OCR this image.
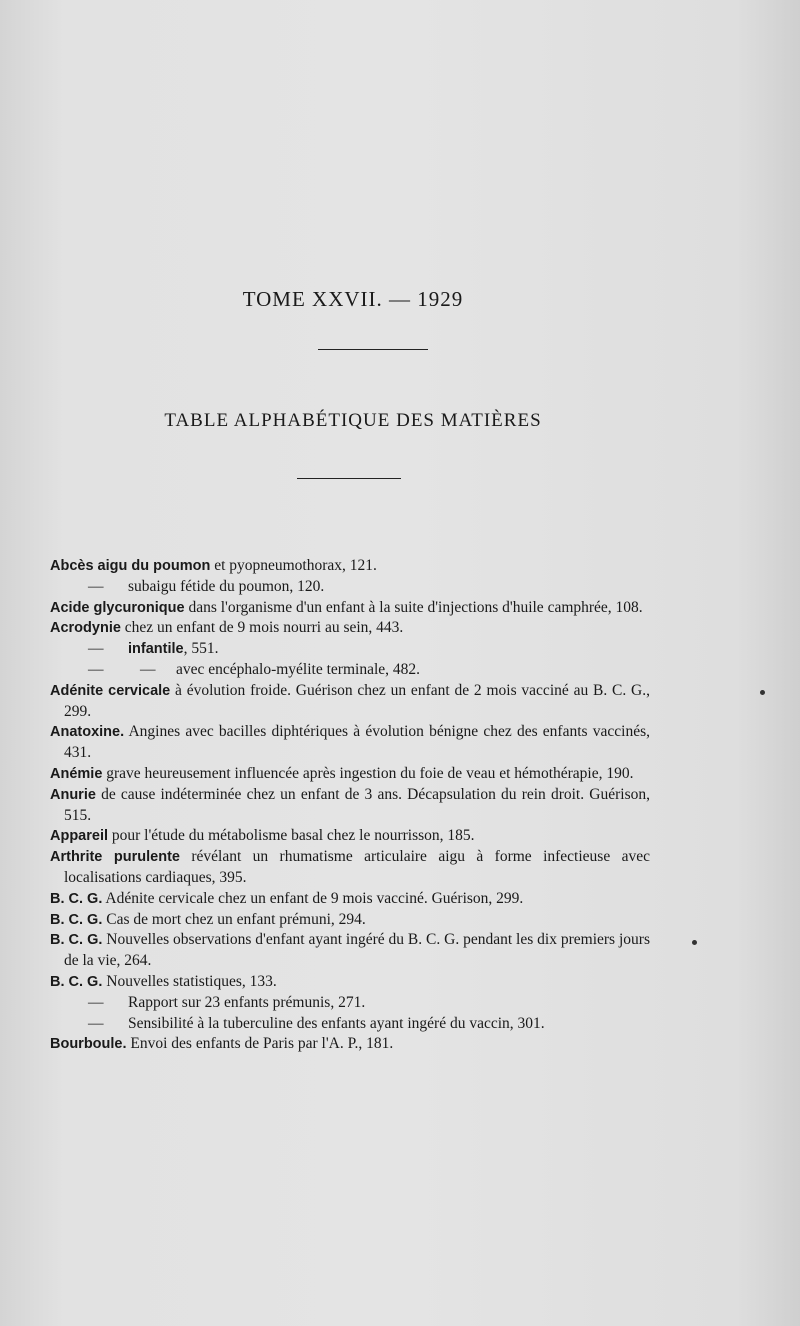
TOME XXVII. — 1929
TABLE ALPHABÉTIQUE DES MATIÈRES

Abcès aigu du poumon et pyopneumothorax, 121.

— subaigu fétide du poumon, 120.

Acide glycuronique dans l'organisme d'un enfant à la suite d'injections d'huile camphrée, 108.

Acrodynie chez un enfant de 9 mois nourri au sein, 443.

— infantile, 551.

— — avec encéphalo-myélite terminale, 482.

Adénite cervicale à évolution froide. Guérison chez un enfant de 2 mois vacciné au B. C. G., 299.

Anatoxine. Angines avec bacilles diphtériques à évolution bénigne chez des enfants vaccinés, 431.

Anémie grave heureusement influencée après ingestion du foie de veau et hémothérapie, 190.

Anurie de cause indéterminée chez un enfant de 3 ans. Décapsulation du rein droit. Guérison, 515.

Appareil pour l'étude du métabolisme basal chez le nourrisson, 185.

Arthrite purulente révélant un rhumatisme articulaire aigu à forme infectieuse avec localisations cardiaques, 395.

B. C. G. Adénite cervicale chez un enfant de 9 mois vacciné. Guérison, 299.

B. C. G. Cas de mort chez un enfant prémuni, 294.

B. C. G. Nouvelles observations d'enfant ayant ingéré du B. C. G. pendant les dix premiers jours de la vie, 264.

B. C. G. Nouvelles statistiques, 133.

— Rapport sur 23 enfants prémunis, 271.

— Sensibilité à la tuberculine des enfants ayant ingéré du vaccin, 301.

Bourboule. Envoi des enfants de Paris par l'A. P., 181.
